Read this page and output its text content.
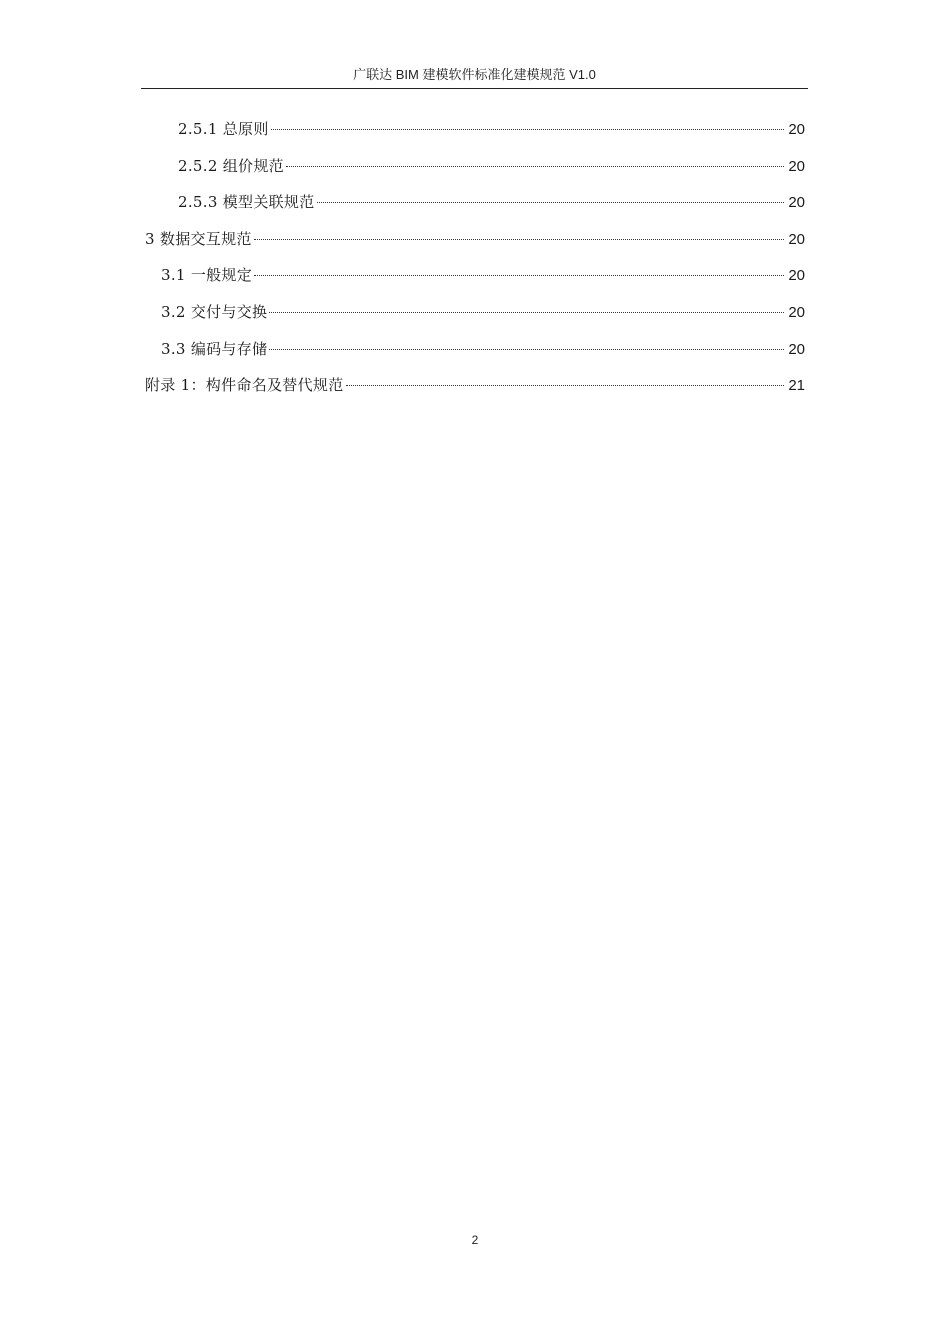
广联达 BIM 建模软件标准化建模规范 V1.0
2.5.1 总原则	20
2.5.2 组价规范	20
2.5.3 模型关联规范	20
3 数据交互规范	20
3.1 一般规定	20
3.2 交付与交换	20
3.3 编码与存储	20
附录 1：构件命名及替代规范	21
2
